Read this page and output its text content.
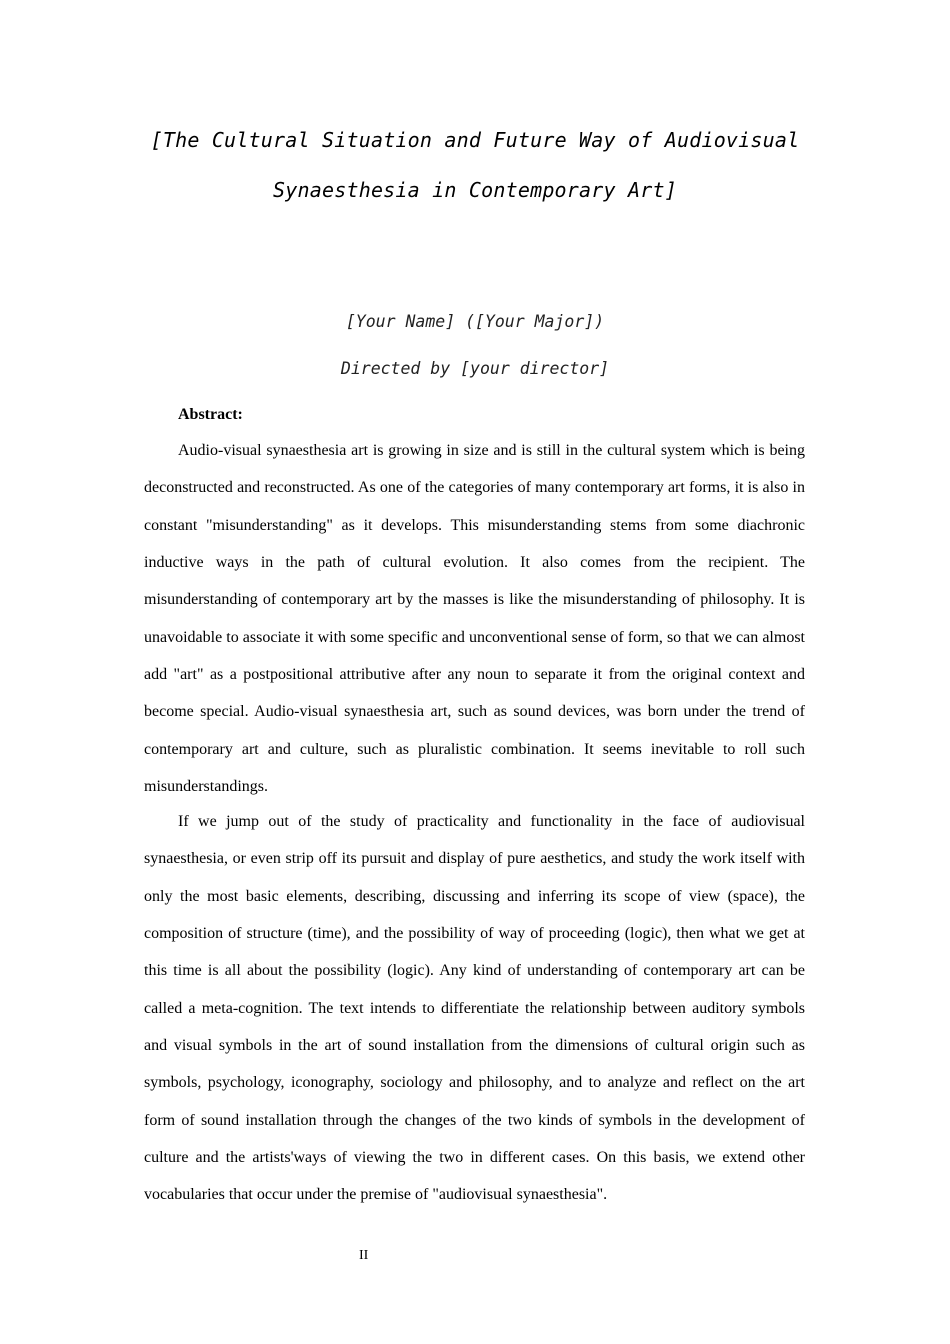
[The Cultural Situation and Future Way of Audiovisual
Synaesthesia in Contemporary Art]
[Your Name] ([Your Major])
Directed by [your director]
Abstract:

Audio-visual synaesthesia art is growing in size and is still in the cultural system which is being deconstructed and reconstructed. As one of the categories of many contemporary art forms, it is also in constant "misunderstanding" as it develops. This misunderstanding stems from some diachronic inductive ways in the path of cultural evolution. It also comes from the recipient. The misunderstanding of contemporary art by the masses is like the misunderstanding of philosophy. It is unavoidable to associate it with some specific and unconventional sense of form, so that we can almost add "art" as a postpositional attributive after any noun to separate it from the original context and become special. Audio-visual synaesthesia art, such as sound devices, was born under the trend of contemporary art and culture, such as pluralistic combination. It seems inevitable to roll such misunderstandings.

If we jump out of the study of practicality and functionality in the face of audiovisual synaesthesia, or even strip off its pursuit and display of pure aesthetics, and study the work itself with only the most basic elements, describing, discussing and inferring its scope of view (space), the composition of structure (time), and the possibility of way of proceeding (logic), then what we get at this time is all about the possibility (logic). Any kind of understanding of contemporary art can be called a meta-cognition. The text intends to differentiate the relationship between auditory symbols and visual symbols in the art of sound installation from the dimensions of cultural origin such as symbols, psychology, iconography, sociology and philosophy, and to analyze and reflect on the art form of sound installation through the changes of the two kinds of symbols in the development of culture and the artists'ways of viewing the two in different cases. On this basis, we extend other vocabularies that occur under the premise of "audiovisual synaesthesia".

II
